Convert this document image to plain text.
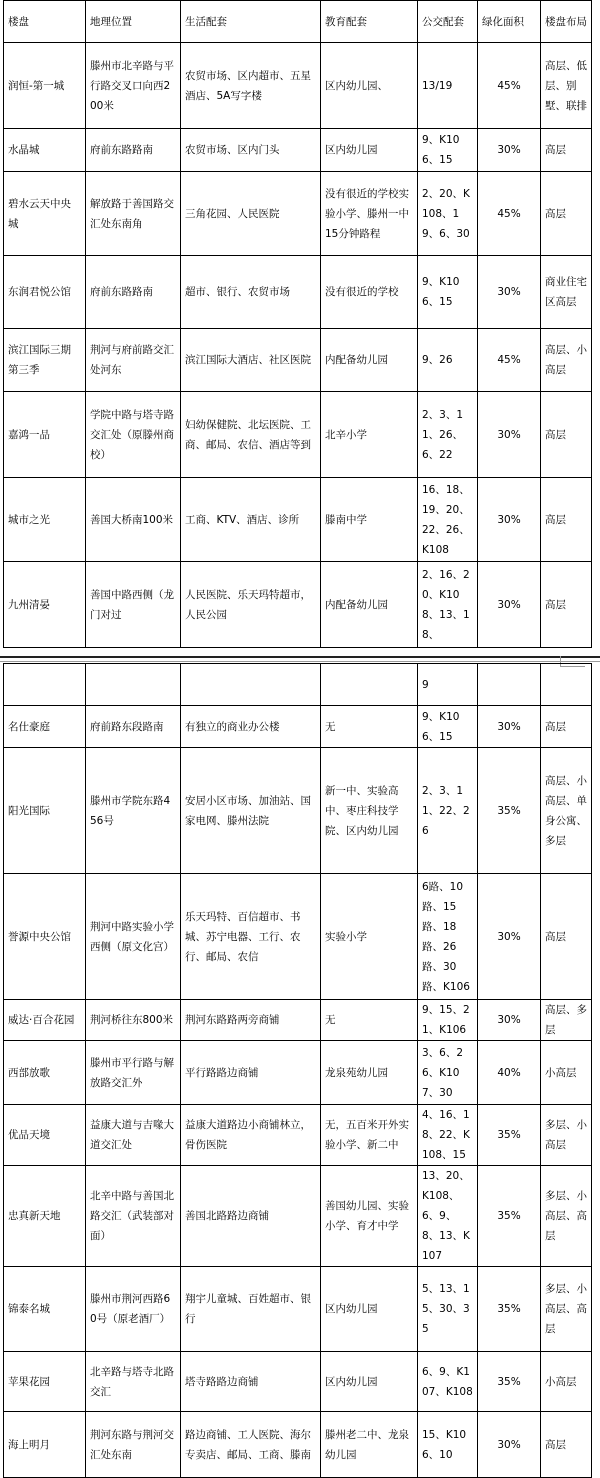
楼盘	地理位置	生活配套	教育配套	公交配套	绿化面积	楼盘布局
润恒-第一城	滕州市北辛路与平行路交叉口向西200米	农贸市场、区内超市、五星酒店、5A写字楼	区内幼儿园、	13/19	45%	高层、低层、别墅、联排
水晶城	府前东路路南	农贸市场、区内门头	区内幼儿园	9、K106、15	30%	高层
碧水云天中央城	解放路于善国路交汇处东南角	三角花园、人民医院	没有很近的学校实验小学、滕州一中15分钟路程	2、20、K108、19、6、30	45%	高层
东润君悦公馆	府前东路路南	超市、银行、农贸市场	没有很近的学校	9、K106、15	30%	商业住宅区高层
滨江国际三期第三季	荆河与府前路交汇处河东	滨江国际大酒店、社区医院	内配备幼儿园	9、26	45%	高层、小高层
嘉鸿一品	学院中路与塔寺路交汇处（原滕州商校）	妇幼保健院、北坛医院、工商、邮局、农信、酒店等到	北辛小学	2、3、11、26、6、22	30%	高层
城市之光	善国大桥南100米	工商、KTV、酒店、诊所	滕南中学	16、18、19、20、22、26、K108	30%	高层
九州清晏	善国中路西侧（龙门对过	人民医院、乐天玛特超市，人民公园	内配备幼儿园	2、16、20、K108、13、18、	30%	高层
				9		
名仕豪庭	府前路东段路南	有独立的商业办公楼	无	9、K106、15	30%	高层
阳光国际	滕州市学院东路456号	安居小区市场、加油站、国家电网、滕州法院	新一中、实验高中、枣庄科技学院、区内幼儿园	2、3、11、22、26	35%	高层、小高层、单身公寓、多层
誉源中央公馆	荆河中路实验小学西侧（原文化宫）	乐天玛特、百信超市、书城、苏宁电器、工行、农行、邮局、农信	实验小学	6路、10路、15路、18路、26路、30路、K106	30%	高层
威达·百合花园	荆河桥往东800米	荆河东路路两旁商铺	无	9、15、21、K106	30%	高层、多层
西部放歌	滕州市平行路与解放路交汇外	平行路路边商铺	龙泉苑幼儿园	3、6、26、K107、30	40%	小高层
优品天境	益康大道与吉喙大道交汇处	益康大道路边小商铺林立，骨伤医院	无，五百米开外实验小学、新二中	4、16、18、22、K108、15	35%	多层、小高层
忠真新天地	北辛中路与善国北路交汇（武装部对面）	善国北路路边商铺	善国幼儿园、实验小学、育才中学	13、20、K108、6、9、8、13、K107	35%	多层、小高层、高层
锦泰名城	滕州市荆河西路60号（原老酒厂）	翔宇儿童城、百姓超市、银行	区内幼儿园	5、13、15、30、35	35%	多层、小高层、高层
苹果花园	北辛路与塔寺北路交汇	塔寺路路边商铺	区内幼儿园	6、9、K107、K108	35%	小高层
海上明月	荆河东路与荆河交汇处东南	路边商铺、工人医院、海尔专卖店、邮局、工商、滕南	滕州老二中、龙泉幼儿园	15、K106、10	30%	高层
